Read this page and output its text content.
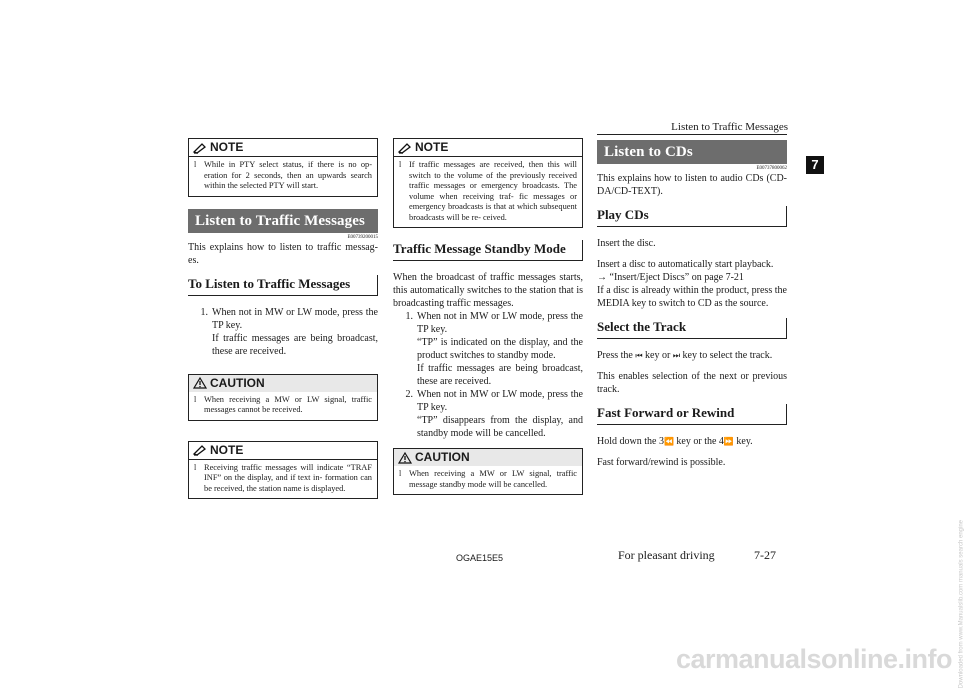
Listen to Traffic Messages
7
NOTE
l While in PTY select status, if there is no op- eration for 2 seconds, then an upwards search within the selected PTY will start.
Listen to Traffic Messages
E00739200015

This explains how to listen to traffic messag- es.

To Listen to Traffic Messages
1. When not in MW or LW mode, press the TP key.
If traffic messages are being broadcast, these are received.
CAUTION
l When receiving a MW or LW signal, traffic messages cannot be received.
NOTE
l Receiving traffic messages will indicate “TRAF INF” on the display, and if text in- formation can be received, the station name is displayed.
NOTE
l If traffic messages are received, then this will switch to the volume of the previously received traffic messages or emergency broadcasts. The volume when receiving traf- fic messages or emergency broadcasts is that at which subsequent broadcasts will be re- ceived.
Traffic Message Standby Mode

When the broadcast of traffic messages starts, this automatically switches to the station that is broadcasting traffic messages.

1. When not in MW or LW mode, press the TP key.
“TP” is indicated on the display, and the product switches to standby mode.
If traffic messages are being broadcast, these are received.
2. When not in MW or LW mode, press the TP key.
“TP” disappears from the display, and standby mode will be cancelled.
CAUTION
l When receiving a MW or LW signal, traffic message standby mode will be cancelled.
Listen to CDs
E00737800062

This explains how to listen to audio CDs (CD-DA/CD-TEXT).

Play CDs

Insert the disc.

Insert a disc to automatically start playback.

→ “Insert/Eject Discs” on page 7-21

If a disc is already within the product, press the MEDIA key to switch to CD as the source.

Select the Track

Press the ⏮ key or ⏭ key to select the track.

This enables selection of the next or previous track.

Fast Forward or Rewind

Hold down the 3⏪ key or the 4⏩ key.

Fast forward/rewind is possible.

OGAE15E5	For pleasant driving	7-27
carmanualsonline.info Downloaded from www.Manualslib.com manuals search engine
